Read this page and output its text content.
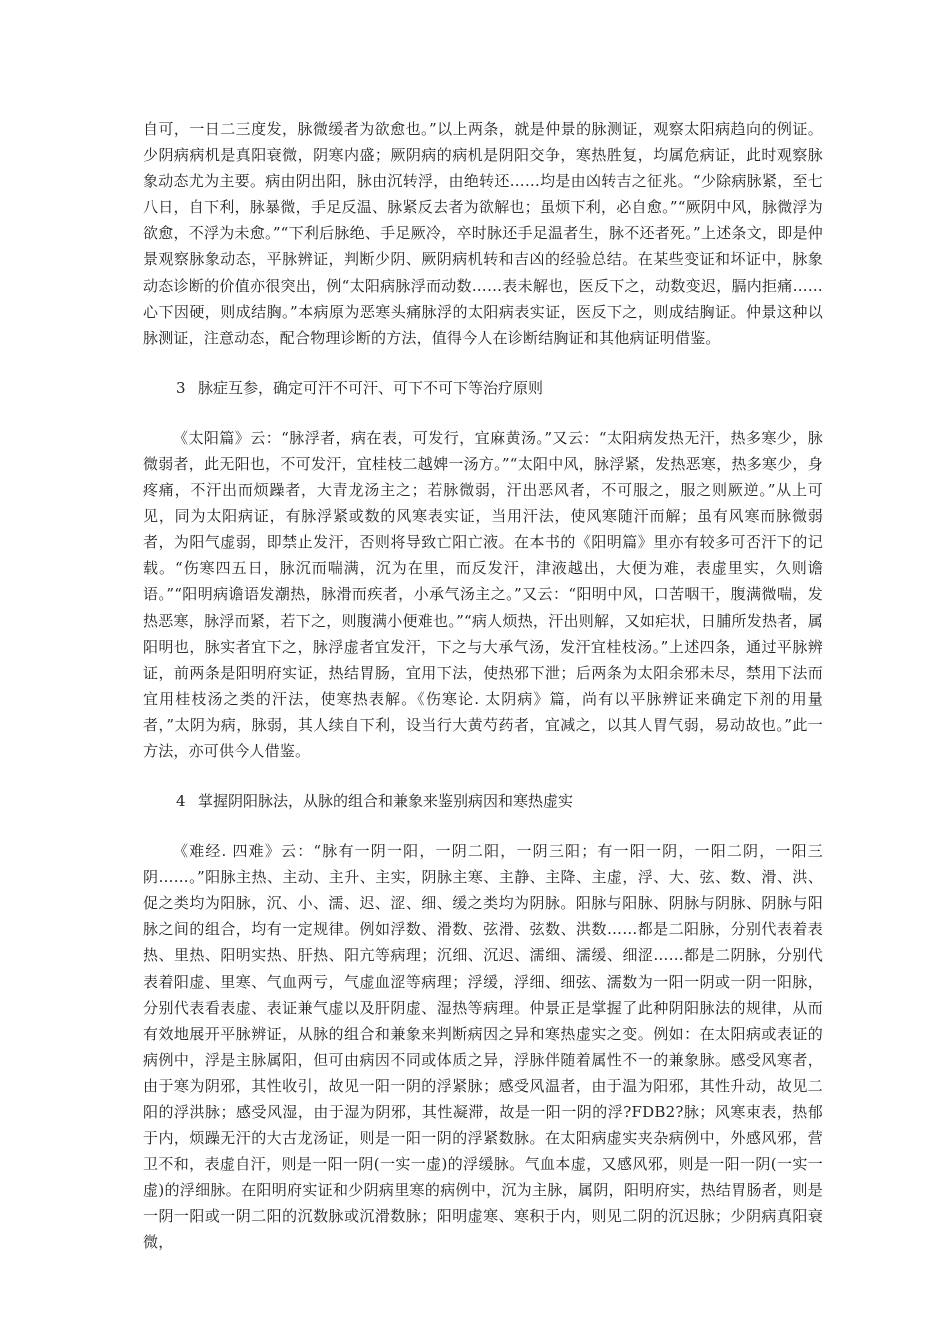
自可，一日二三度发，脉微缓者为欲愈也。”以上两条，就是仲景的脉测证，观察太阳病趋向的例证。少阴病病机是真阳衰微，阴寒内盛；厥阴病的病机是阴阳交争，寒热胜复，均属危病证，此时观察脉象动态尤为主要。病由阴出阳，脉由沉转浮，由绝转还……均是由凶转吉之征兆。“少除病脉紧，至七八日，自下利，脉暴微，手足反温、脉紧反去者为欲解也；虽烦下利，必自愈。”“厥阴中风，脉微浮为欲愈，不浮为未愈。”“下利后脉绝、手足厥冷，卒时脉还手足温者生，脉不还者死。”上述条文，即是仲景观察脉象动态，平脉辨证，判断少阴、厥阴病机转和吉凶的经验总结。在某些变证和坏证中，脉象动态诊断的价值亦很突出，例“太阳病脉浮而动数……表未解也，医反下之，动数变迟，膈内拒痛……心下因硬，则成结胸。”本病原为恶寒头痛脉浮的太阳病表实证，医反下之，则成结胸证。仲景这种以脉测证，注意动态，配合物理诊断的方法，值得今人在诊断结胸证和其他病证明借鉴。

3 脉症互参，确定可汗不可汗、可下不可下等治疗原则

《太阳篇》云：“脉浮者，病在表，可发行，宜麻黄汤。”又云：“太阳病发热无汗，热多寒少，脉微弱者，此无阳也，不可发汗，宜桂枝二越婢一汤方。”“太阳中风，脉浮紧，发热恶寒，热多寒少，身疼痛，不汗出而烦躁者，大青龙汤主之；若脉微弱，汗出恶风者，不可服之，服之则厥逆。”从上可见，同为太阳病证，有脉浮紧或数的风寒表实证，当用汗法，使风寒随汗而解；虽有风寒而脉微弱者，为阳气虚弱，即禁止发汗，否则将导致亡阳亡液。在本书的《阳明篇》里亦有较多可否汗下的记载。“伤寒四五日，脉沉而喘满，沉为在里，而反发汗，津液越出，大便为难，表虚里实，久则谵语。”“阳明病谵语发潮热，脉滑而疾者，小承气汤主之。”又云：“阳明中风，口苦咽干，腹满微喘，发热恶寒，脉浮而紧，若下之，则腹满小便难也。”“病人烦热，汗出则解，又如疟状，日脯所发热者，属阳明也，脉实者宜下之，脉浮虚者宜发汗，下之与大承气汤，发汗宜桂枝汤。”上述四条，通过平脉辨证，前两条是阳明府实证，热结胃肠，宜用下法，使热邪下泄；后两条为太阳余邪未尽，禁用下法而宜用桂枝汤之类的汗法，使寒热表解。《伤寒论. 太阴病》篇，尚有以平脉辨证来确定下剂的用量者，”太阴为病，脉弱，其人续自下利，设当行大黄芍药者，宜减之，以其人胃气弱，易动故也。”此一方法，亦可供今人借鉴。

4 掌握阴阳脉法，从脉的组合和兼象来鉴别病因和寒热虚实

《难经. 四难》云：“脉有一阴一阳，一阴二阳，一阴三阳；有一阳一阴，一阳二阴，一阳三阴……。”阳脉主热、主动、主升、主实，阴脉主寒、主静、主降、主虚，浮、大、弦、数、滑、洪、促之类均为阳脉，沉、小、濡、迟、涩、细、缓之类均为阴脉。阳脉与阳脉、阴脉与阴脉、阴脉与阳脉之间的组合，均有一定规律。例如浮数、滑数、弦滑、弦数、洪数……都是二阳脉，分别代表着表热、里热、阳明实热、肝热、阳亢等病理；沉细、沉迟、濡细、濡缓、细涩……都是二阴脉，分别代表着阳虚、里寒、气血两亏，气虚血涩等病理；浮缓，浮细、细弦、濡数为一阳一阴或一阴一阳脉，分别代表看表虚、表证兼气虚以及肝阴虚、湿热等病理。仲景正是掌握了此种阴阳脉法的规律，从而有效地展开平脉辨证，从脉的组合和兼象来判断病因之异和寒热虚实之变。例如：在太阳病或表证的病例中，浮是主脉属阳，但可由病因不同或体质之异，浮脉伴随着属性不一的兼象脉。感受风寒者，由于寒为阴邪，其性收引，故见一阳一阴的浮紧脉；感受风温者，由于温为阳邪，其性升动，故见二阳的浮洪脉；感受风湿，由于湿为阴邪，其性凝滞，故是一阳一阴的浮?FDB2?脉；风寒束表，热郁于内，烦躁无汗的大古龙汤证，则是一阳一阴的浮紧数脉。在太阳病虚实夹杂病例中，外感风邪，营卫不和，表虚自汗，则是一阳一阴(一实一虚)的浮缓脉。气血本虚，又感风邪，则是一阳一阴(一实一虚)的浮细脉。在阳明府实证和少阴病里寒的病例中，沉为主脉，属阴，阳明府实，热结胃肠者，则是一阴一阳或一阴二阳的沉数脉或沉滑数脉；阳明虚寒、寒积于内，则见二阴的沉迟脉；少阴病真阳衰微，
